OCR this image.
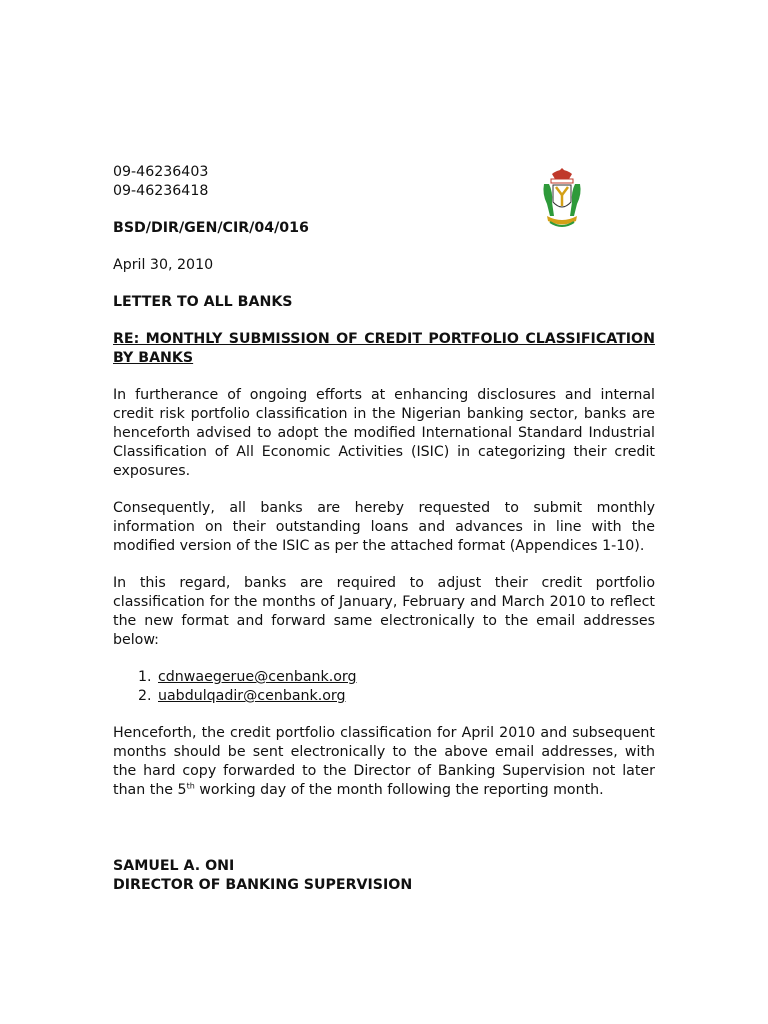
09-46236403
09-46236418
BSD/DIR/GEN/CIR/04/016
April 30, 2010
LETTER TO ALL BANKS
RE: MONTHLY SUBMISSION OF CREDIT PORTFOLIO CLASSIFICATION BY BANKS
In furtherance of ongoing efforts at enhancing disclosures and internal credit risk portfolio classification in the Nigerian banking sector, banks are henceforth advised to adopt the modified International Standard Industrial Classification of All Economic Activities (ISIC) in categorizing their credit exposures.
Consequently, all banks are hereby requested to submit monthly information on their outstanding loans and advances in line with the modified version of the ISIC as per the attached format (Appendices 1-10).
In this regard, banks are required to adjust their credit portfolio classification for the months of January, February and March 2010 to reflect the new format and forward same electronically to the email addresses below:
1. cdnwaegerue@cenbank.org
2. uabdulqadir@cenbank.org
Henceforth, the credit portfolio classification for April 2010 and subsequent months should be sent electronically to the above email addresses, with the hard copy forwarded to the Director of Banking Supervision not later than the 5th working day of the month following the reporting month.
SAMUEL A. ONI
DIRECTOR OF BANKING SUPERVISION
